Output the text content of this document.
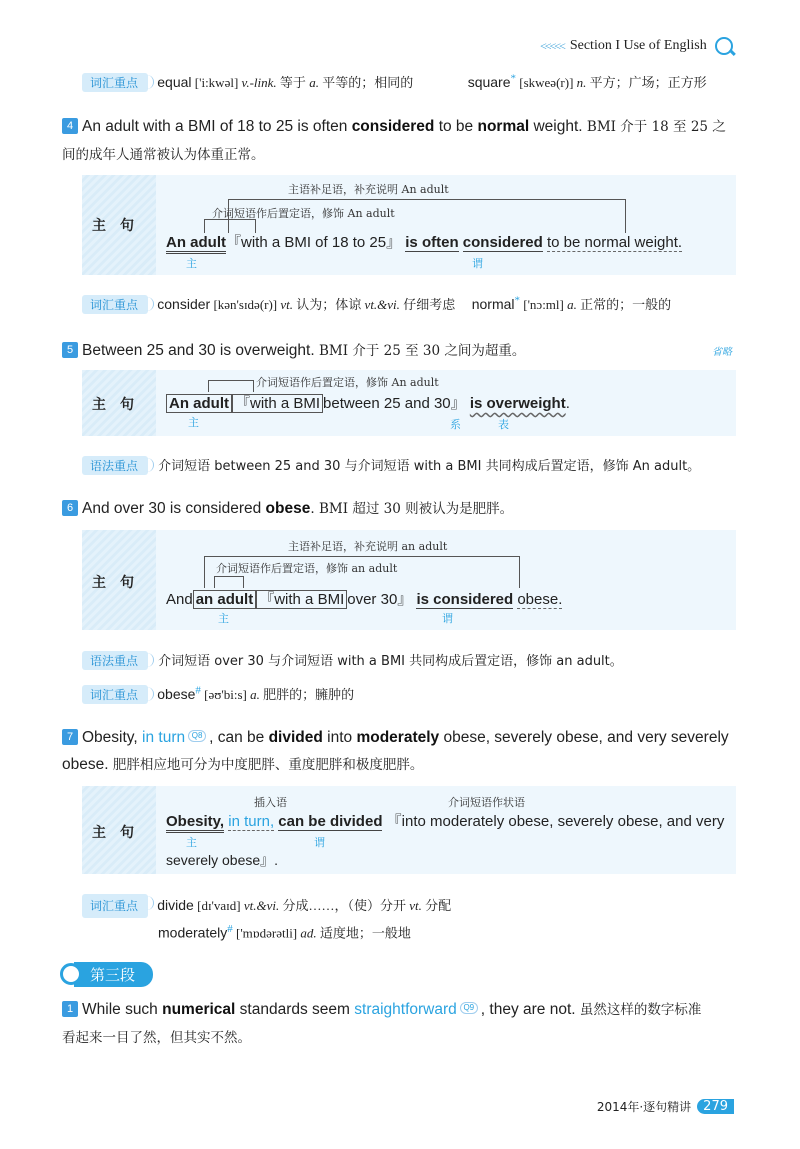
<<<<< Section I Use of English
词汇重点 equal ['i:kwəl] v.-link. 等于 a. 平等的；相同的	square* [skweə(r)] n. 平方；广场；正方形
4 An adult with a BMI of 18 to 25 is often considered to be normal weight. BMI 介于 18 至 25 之
间的成年人通常被认为体重正常。
主句
主语补足语，补充说明 An adult
介词短语作后置定语，修饰 An adult
An adult『with a BMI of 18 to 25』 is often considered to be normal weight.
主	谓
词汇重点 consider [kən'sɪdə(r)] vt. 认为；体谅 vt.&vi. 仔细考虑 normal* ['nɔ:ml] a. 正常的；一般的
5 Between 25 and 30 is overweight. BMI 介于 25 至 30 之间为超重。	省略
主句
介词短语作后置定语，修饰 An adult
An adult 『with a BMI between 25 and 30』 is overweight.
主	系	表
语法重点 介词短语 between 25 and 30 与介词短语 with a BMI 共同构成后置定语，修饰 An adult。
6 And over 30 is considered obese. BMI 超过 30 则被认为是肥胖。
主句
主语补足语，补充说明 an adult
介词短语作后置定语，修饰 an adult
And an adult 『with a BMI over 30』 is considered obese.
主	谓
语法重点 介词短语 over 30 与介词短语 with a BMI 共同构成后置定语，修饰 an adult。
词汇重点 obese# [əʊ'bi:s] a. 肥胖的；臃肿的
7 Obesity, in turn Q8 , can be divided into moderately obese, severely obese, and very severely
obese. 肥胖相应地可分为中度肥胖、重度肥胖和极度肥胖。
主句
插入语	介词短语作状语
Obesity, in turn, can be divided 『into moderately obese, severely obese, and very
主	谓
severely obese』.
词汇重点 divide [dɪ'vaɪd] vt.&vi. 分成……，（使）分开 vt. 分配
moderately# ['mɒdərətli] ad. 适度地；一般地
第三段
1 While such numerical standards seem straightforward Q9 , they are not. 虽然这样的数字标准
看起来一目了然，但其实不然。
2014年·逐句精讲 279
